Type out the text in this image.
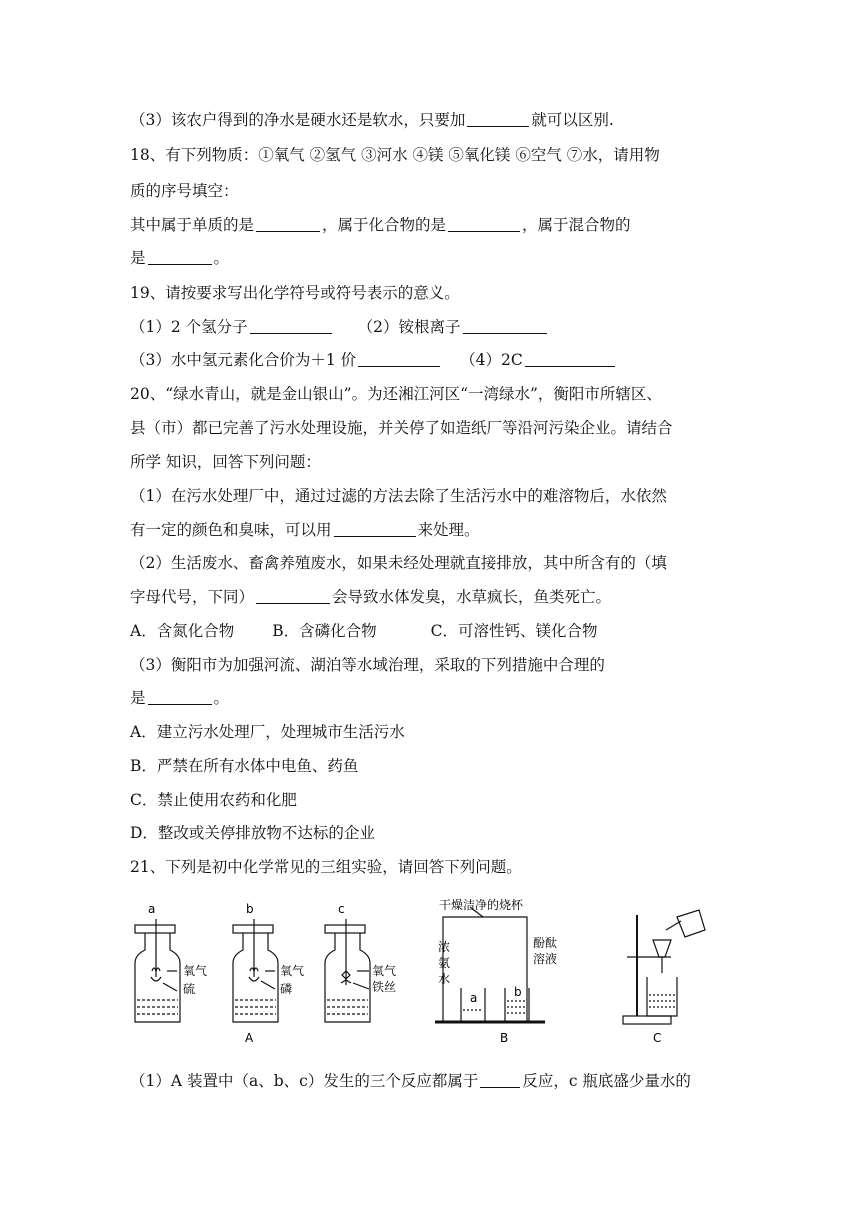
（3）该农户得到的净水是硬水还是软水，只要加	就可以区别.
18、有下列物质：①氧气 ②氢气 ③河水 ④镁 ⑤氧化镁 ⑥空气 ⑦水，请用物
质的序号填空：
其中属于单质的是	，属于化合物的是	，属于混合物的
是	。
19、请按要求写出化学符号或符号表示的意义。
（1）2 个氢分子	（2）铵根离子
（3）水中氢元素化合价为＋1 价	（4）2C
20、“绿水青山，就是金山银山”。为还湘江河区“一湾绿水”，衡阳市所辖区、
县（市）都已完善了污水处理设施，并关停了如造纸厂等沿河污染企业。请结合
所学 知识，回答下列问题：
（1）在污水处理厂中，通过过滤的方法去除了生活污水中的难溶物后，水依然
有一定的颜色和臭味，可以用	来处理。
（2）生活废水、畜禽养殖废水，如果未经处理就直接排放，其中所含有的（填
字母代号，下同）	会导致水体发臭，水草疯长，鱼类死亡。
A．含氮化合物 B．含磷化合物	C．可溶性钙、镁化合物
（3）衡阳市为加强河流、湖泊等水域治理，采取的下列措施中合理的
是	。
A．建立污水处理厂，处理城市生活污水
B．严禁在所有水体中电鱼、药鱼
C．禁止使用农药和化肥
D．整改或关停排放物不达标的企业
21、下列是初中化学常见的三组实验，请回答下列问题。
a
氧气
硫
b
氧气
磷
c
氧气
铁丝
A
干燥洁净的烧杯
浓
氨
水
酚酞
溶液
a	b
B	C
（1）A 装置中（a、b、c）发生的三个反应都属于	反应，c 瓶底盛少量水的
